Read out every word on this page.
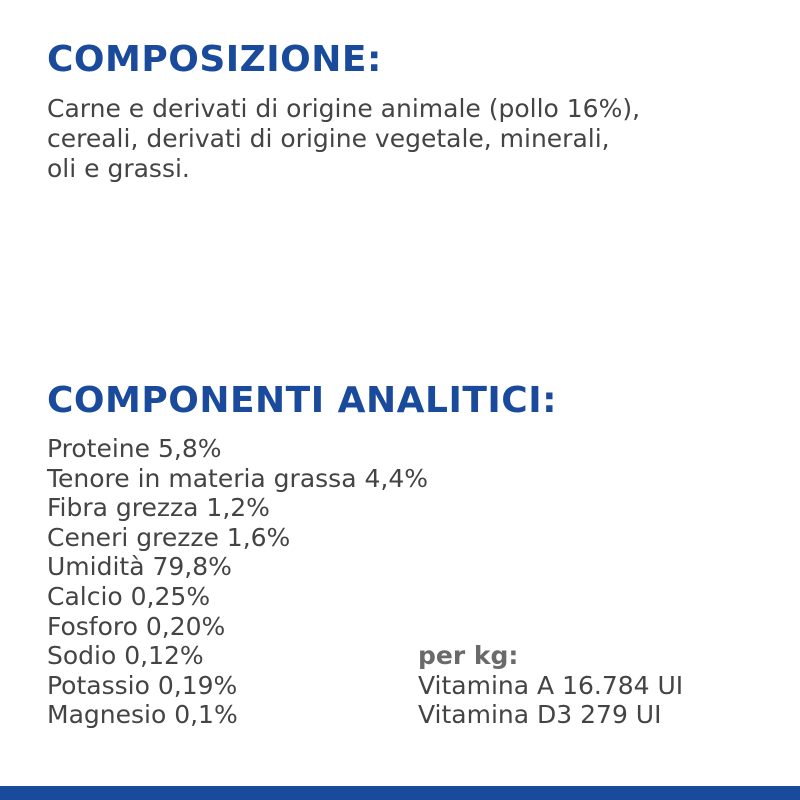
COMPOSIZIONE:

Carne e derivati di origine animale (pollo 16%),
cereali, derivati di origine vegetale, minerali,
oli e grassi.

COMPONENTI ANALITICI:
Proteine 5,8%
Tenore in materia grassa 4,4%
Fibra grezza 1,2%
Ceneri grezze 1,6%
Umidità 79,8%
Calcio 0,25%
Fosforo 0,20%
Sodio 0,12%
Potassio 0,19%
Magnesio 0,1%
per kg:
Vitamina A 16.784 UI
Vitamina D3 279 UI
